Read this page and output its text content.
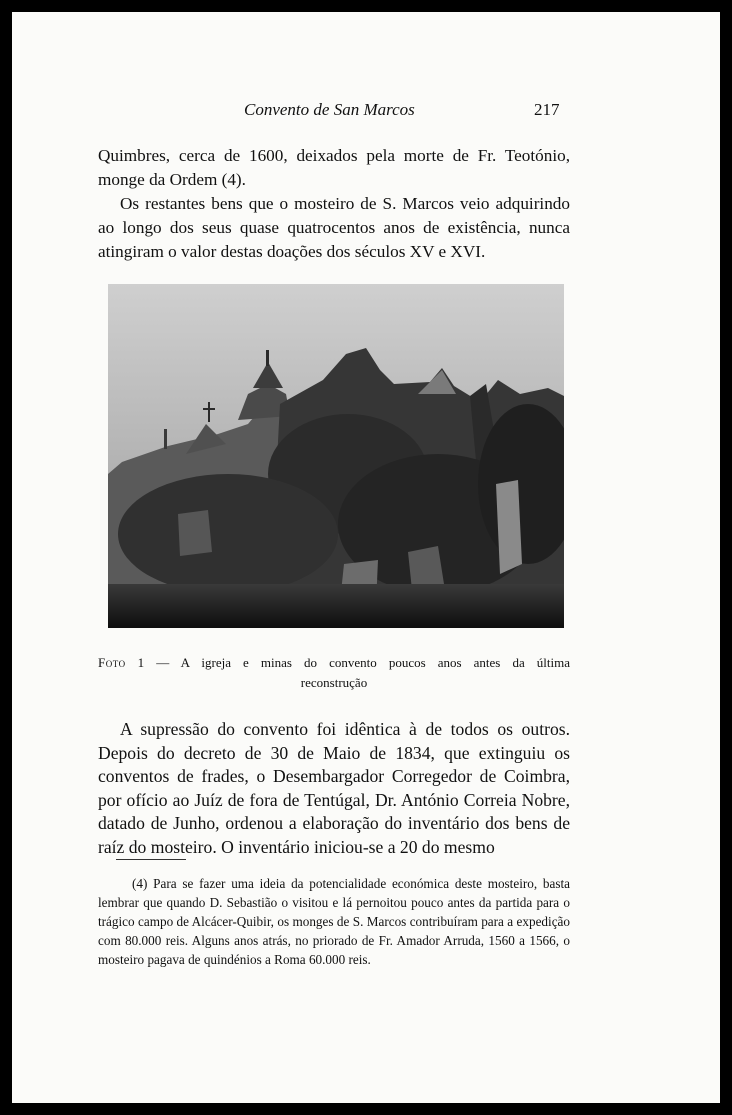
Convento de San Marcos	217

Quimbres, cerca de 1600, deixados pela morte de Fr. Teotónio, monge da Ordem (4).

Os restantes bens que o mosteiro de S. Marcos veio adquirindo ao longo dos seus quase quatrocentos anos de existência, nunca atingiram o valor destas doações dos séculos XV e XVI.

Foto 1 — A igreja e minas do convento poucos anos antes da última
reconstrução

A supressão do convento foi idêntica à de todos os outros. Depois do decreto de 30 de Maio de 1834, que extinguiu os conventos de frades, o Desembargador Corregedor de Coimbra, por ofício ao Juíz de fora de Tentúgal, Dr. António Correia Nobre, datado de Junho, ordenou a elaboração do inventário dos bens de raíz do mosteiro. O inventário iniciou-se a 20 do mesmo

(4) Para se fazer uma ideia da potencialidade económica deste mosteiro, basta lembrar que quando D. Sebastião o visitou e lá pernoitou pouco antes da partida para o trágico campo de Alcácer-Quibir, os monges de S. Marcos contribuíram para a expedição com 80.000 reis. Alguns anos atrás, no priorado de Fr. Amador Arruda, 1560 a 1566, o mosteiro pagava de quindénios a Roma 60.000 reis.
